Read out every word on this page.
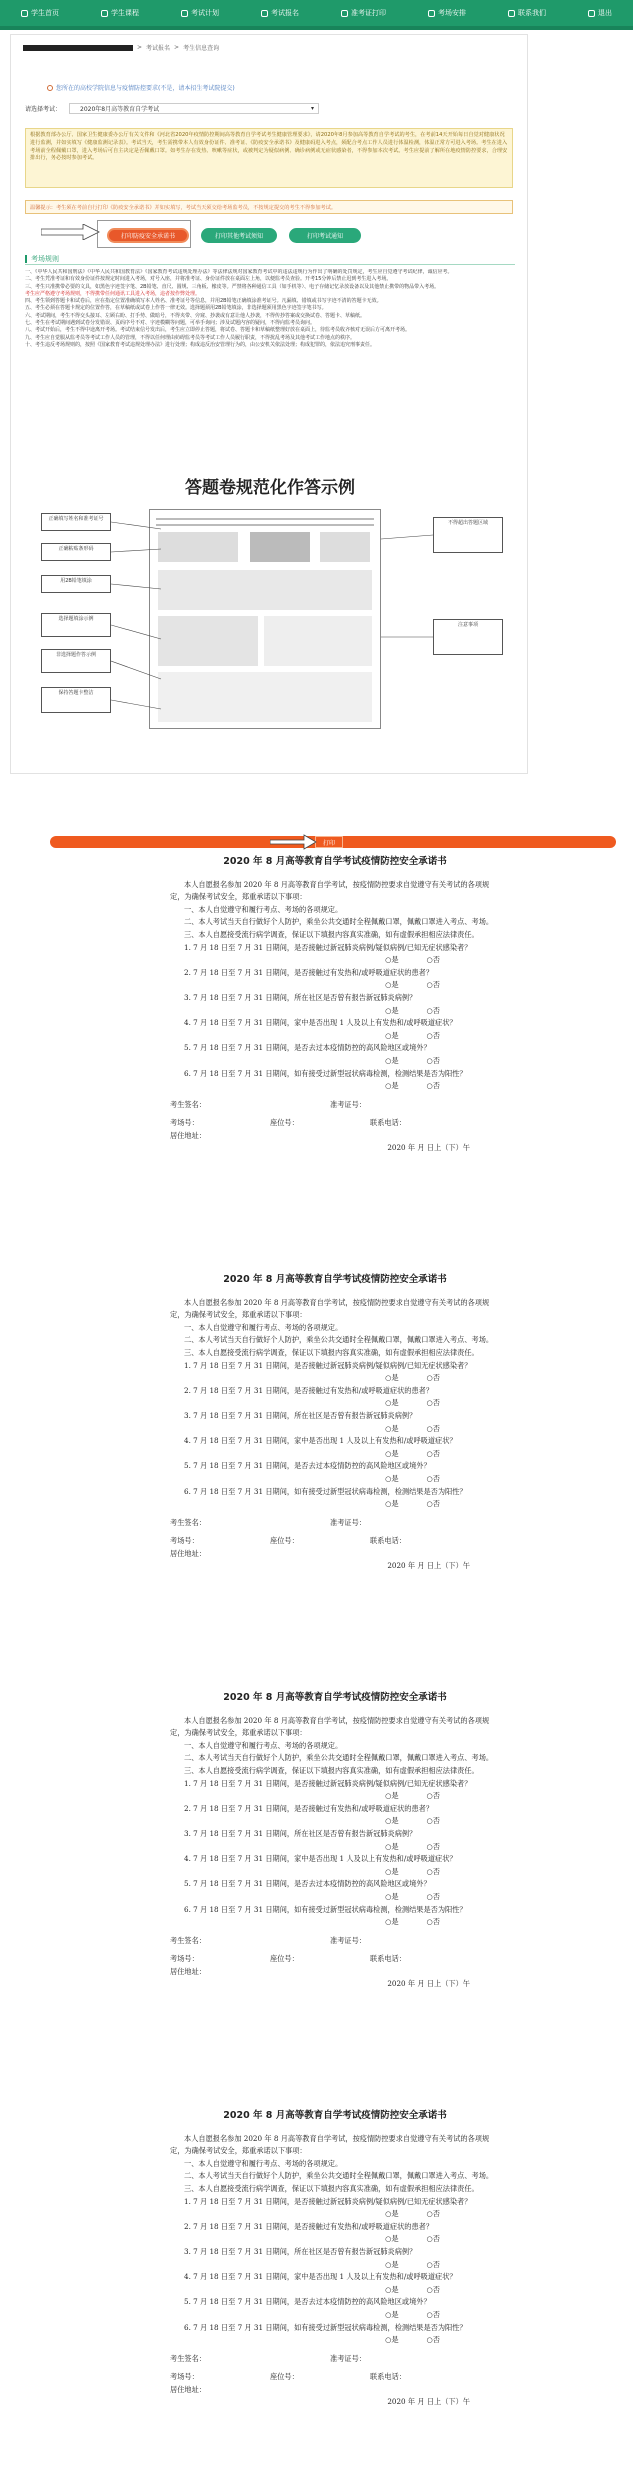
学生首页	学生课程	考试计划	考试报名	准考证打印	考场安排	联系我们	退出
> 考试报名 > 考生信息查询
您所在的高校学院信息与疫情防控要求(不是，请本招生考试院提交)
请选择考试：	2020年8月高等教育自学考试	▾
根据教育部办公厅、国家卫生健康委办公厅有关文件和《河北省2020年疫情防控期间高等教育自学考试考生健康管理要求》，请2020年8月参加高等教育自学考试的考生，在考前14天开始每日自觉对健康状况进行监测，并如实填写《健康监测记录表》。考试当天，考生需携带本人有效身份证件、准考证、《防疫安全承诺书》及健康码进入考点，须配合考点工作人员进行体温检测，体温正常方可进入考场。考生在进入考场前全程佩戴口罩，进入考场后可自主决定是否佩戴口罩。如考生存在发热、咳嗽等症状，或被判定为疑似病例、确诊病例或无症状感染者，不得参加本次考试。考生应提前了解所在地疫情防控要求，合理安排出行，务必按时参加考试。
温馨提示：考生须在考前自行打印《防疫安全承诺书》并如实填写，考试当天须交给考场监考员，不按规定提交的考生不得参加考试。
打印防疫安全承诺书	打印其他考试须知	打印考试通知
考场规则

一、《中华人民共和国刑法》《中华人民共和国教育法》《国家教育考试违规处理办法》等法律法规对国家教育考试中的违法违规行为作出了明确的处罚规定，考生应自觉遵守考试纪律，诚信应考。

二、考生凭准考证和有效身份证件按规定时间进入考场，对号入座，并将准考证、身份证件放在桌面左上角，以便监考员查验。开考15分钟后禁止迟到考生进入考场。

三、考生只准携带必要的文具，如黑色字迹签字笔、2B铅笔、直尺、圆规、三角板、橡皮等。严禁将各种通信工具（如手机等）、电子存储记忆录放设备以及其他禁止携带的物品带入考场。

考生应严格遵守考场规则，不得携带任何通讯工具进入考场，违者按作弊处理。

四、考生领到答题卡和试卷后，应在指定位置准确填写本人姓名、准考证号等信息，并用2B铅笔正确填涂准考证号。凡漏填、错填或书写字迹不清的答题卡无效。

五、考生必须在答题卡规定的位置作答，在草稿纸或试卷上作答一律无效。选择题须用2B铅笔填涂，非选择题须用黑色字迹签字笔书写。

六、考试期间，考生不得交头接耳、左顾右盼、打手势、做暗号，不得夹带、旁窥、抄袭或有意让他人抄袭，不得传抄答案或交换试卷、答题卡、草稿纸。

七、考生在考试期间遇到试卷分发错误、页码序号不对、字迹模糊等问题，可举手询问；涉及试题内容的疑问，不得向监考员询问。

八、考试开始后，考生不得中途离开考场。考试结束信号发出后，考生应立即停止答题，将试卷、答题卡和草稿纸整理好放在桌面上，待监考员收齐核对无误后方可离开考场。

九、考生应自觉服从监考员等考试工作人员的管理，不得以任何理由妨碍监考员等考试工作人员履行职责，不得扰乱考场及其他考试工作地点的秩序。

十、考生违反考场规则的，按照《国家教育考试违规处理办法》进行处理；构成违反治安管理行为的，由公安机关依法处理；构成犯罪的，依法追究刑事责任。

答题卷规范化作答示例
正确填写姓名和准考证号
正确粘贴条形码
用2B铅笔填涂
选择题填涂示例
非选择题作答示例
保持答题卡整洁
不得超出答题区域
注意事项
打印
2020 年 8 月高等教育自学考试疫情防控安全承诺书
本人自愿报名参加 2020 年 8 月高等教育自学考试，按疫情防控要求自觉遵守有关考试的各项规定，为确保考试安全，郑重承诺以下事项：
一、本人自觉遵守和履行考点、考场的各项规定。
二、本人考试当天自行做好个人防护，乘坐公共交通时全程佩戴口罩，佩戴口罩进入考点、考场。
三、本人自愿接受流行病学调查，保证以下填报内容真实准确，如有虚假承担相应法律责任。
1. 7 月 18 日至 7 月 31 日期间，是否接触过新冠肺炎病例/疑似病例/已知无症状感染者？
○是	○否
2. 7 月 18 日至 7 月 31 日期间，是否接触过有发热和/或呼吸道症状的患者？
○是	○否
3. 7 月 18 日至 7 月 31 日期间，所在社区是否曾有报告新冠肺炎病例？
○是	○否
4. 7 月 18 日至 7 月 31 日期间，家中是否出现 1 人及以上有发热和/或呼吸道症状？
○是	○否
5. 7 月 18 日至 7 月 31 日期间，是否去过本疫情防控的高风险地区或境外？
○是	○否
6. 7 月 18 日至 7 月 31 日期间，如有接受过新型冠状病毒检测，检测结果是否为阳性？
○是	○否
考生签名：	准考证号：
考场号：	座位号：	联系电话：
居住地址：
2020 年 月 日上（下）午
2020 年 8 月高等教育自学考试疫情防控安全承诺书
本人自愿报名参加 2020 年 8 月高等教育自学考试，按疫情防控要求自觉遵守有关考试的各项规定，为确保考试安全，郑重承诺以下事项：
一、本人自觉遵守和履行考点、考场的各项规定。
二、本人考试当天自行做好个人防护，乘坐公共交通时全程佩戴口罩，佩戴口罩进入考点、考场。
三、本人自愿接受流行病学调查，保证以下填报内容真实准确，如有虚假承担相应法律责任。
1. 7 月 18 日至 7 月 31 日期间，是否接触过新冠肺炎病例/疑似病例/已知无症状感染者？
○是	○否
2. 7 月 18 日至 7 月 31 日期间，是否接触过有发热和/或呼吸道症状的患者？
○是	○否
3. 7 月 18 日至 7 月 31 日期间，所在社区是否曾有报告新冠肺炎病例？
○是	○否
4. 7 月 18 日至 7 月 31 日期间，家中是否出现 1 人及以上有发热和/或呼吸道症状？
○是	○否
5. 7 月 18 日至 7 月 31 日期间，是否去过本疫情防控的高风险地区或境外？
○是	○否
6. 7 月 18 日至 7 月 31 日期间，如有接受过新型冠状病毒检测，检测结果是否为阳性？
○是	○否
考生签名：	准考证号：
考场号：	座位号：	联系电话：
居住地址：
2020 年 月 日上（下）午
2020 年 8 月高等教育自学考试疫情防控安全承诺书
本人自愿报名参加 2020 年 8 月高等教育自学考试，按疫情防控要求自觉遵守有关考试的各项规定，为确保考试安全，郑重承诺以下事项：
一、本人自觉遵守和履行考点、考场的各项规定。
二、本人考试当天自行做好个人防护，乘坐公共交通时全程佩戴口罩，佩戴口罩进入考点、考场。
三、本人自愿接受流行病学调查，保证以下填报内容真实准确，如有虚假承担相应法律责任。
1. 7 月 18 日至 7 月 31 日期间，是否接触过新冠肺炎病例/疑似病例/已知无症状感染者？
○是	○否
2. 7 月 18 日至 7 月 31 日期间，是否接触过有发热和/或呼吸道症状的患者？
○是	○否
3. 7 月 18 日至 7 月 31 日期间，所在社区是否曾有报告新冠肺炎病例？
○是	○否
4. 7 月 18 日至 7 月 31 日期间，家中是否出现 1 人及以上有发热和/或呼吸道症状？
○是	○否
5. 7 月 18 日至 7 月 31 日期间，是否去过本疫情防控的高风险地区或境外？
○是	○否
6. 7 月 18 日至 7 月 31 日期间，如有接受过新型冠状病毒检测，检测结果是否为阳性？
○是	○否
考生签名：	准考证号：
考场号：	座位号：	联系电话：
居住地址：
2020 年 月 日上（下）午
2020 年 8 月高等教育自学考试疫情防控安全承诺书
本人自愿报名参加 2020 年 8 月高等教育自学考试，按疫情防控要求自觉遵守有关考试的各项规定，为确保考试安全，郑重承诺以下事项：
一、本人自觉遵守和履行考点、考场的各项规定。
二、本人考试当天自行做好个人防护，乘坐公共交通时全程佩戴口罩，佩戴口罩进入考点、考场。
三、本人自愿接受流行病学调查，保证以下填报内容真实准确，如有虚假承担相应法律责任。
1. 7 月 18 日至 7 月 31 日期间，是否接触过新冠肺炎病例/疑似病例/已知无症状感染者？
○是	○否
2. 7 月 18 日至 7 月 31 日期间，是否接触过有发热和/或呼吸道症状的患者？
○是	○否
3. 7 月 18 日至 7 月 31 日期间，所在社区是否曾有报告新冠肺炎病例？
○是	○否
4. 7 月 18 日至 7 月 31 日期间，家中是否出现 1 人及以上有发热和/或呼吸道症状？
○是	○否
5. 7 月 18 日至 7 月 31 日期间，是否去过本疫情防控的高风险地区或境外？
○是	○否
6. 7 月 18 日至 7 月 31 日期间，如有接受过新型冠状病毒检测，检测结果是否为阳性？
○是	○否
考生签名：	准考证号：
考场号：	座位号：	联系电话：
居住地址：
2020 年 月 日上（下）午
